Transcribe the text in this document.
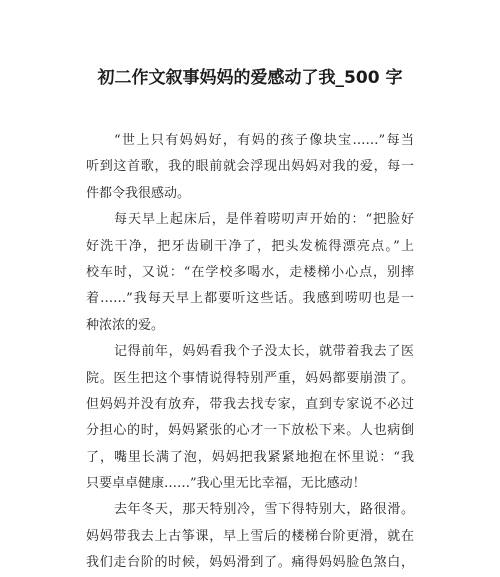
初二作文叙事妈妈的爱感动了我_500 字
“世上只有妈妈好，有妈的孩子像块宝……”每当
听到这首歌，我的眼前就会浮现出妈妈对我的爱，每一
件都令我很感动。
每天早上起床后，是伴着唠叨声开始的：“把脸好
好洗干净，把牙齿刷干净了，把头发梳得漂亮点。”上
校车时，又说：“在学校多喝水，走楼梯小心点，别摔
着……”我每天早上都要听这些话。我感到唠叨也是一
种浓浓的爱。
记得前年，妈妈看我个子没太长，就带着我去了医
院。医生把这个事情说得特别严重，妈妈都要崩溃了。
但妈妈并没有放弃，带我去找专家，直到专家说不必过
分担心的时，妈妈紧张的心才一下放松下来。人也病倒
了，嘴里长满了泡，妈妈把我紧紧地抱在怀里说：“我
只要卓卓健康……”我心里无比幸福，无比感动！
去年冬天，那天特别冷，雪下得特别大，路很滑。
妈妈带我去上古筝课，早上雪后的楼梯台阶更滑，就在
我们走台阶的时候，妈妈滑到了。痛得妈妈脸色煞白，
